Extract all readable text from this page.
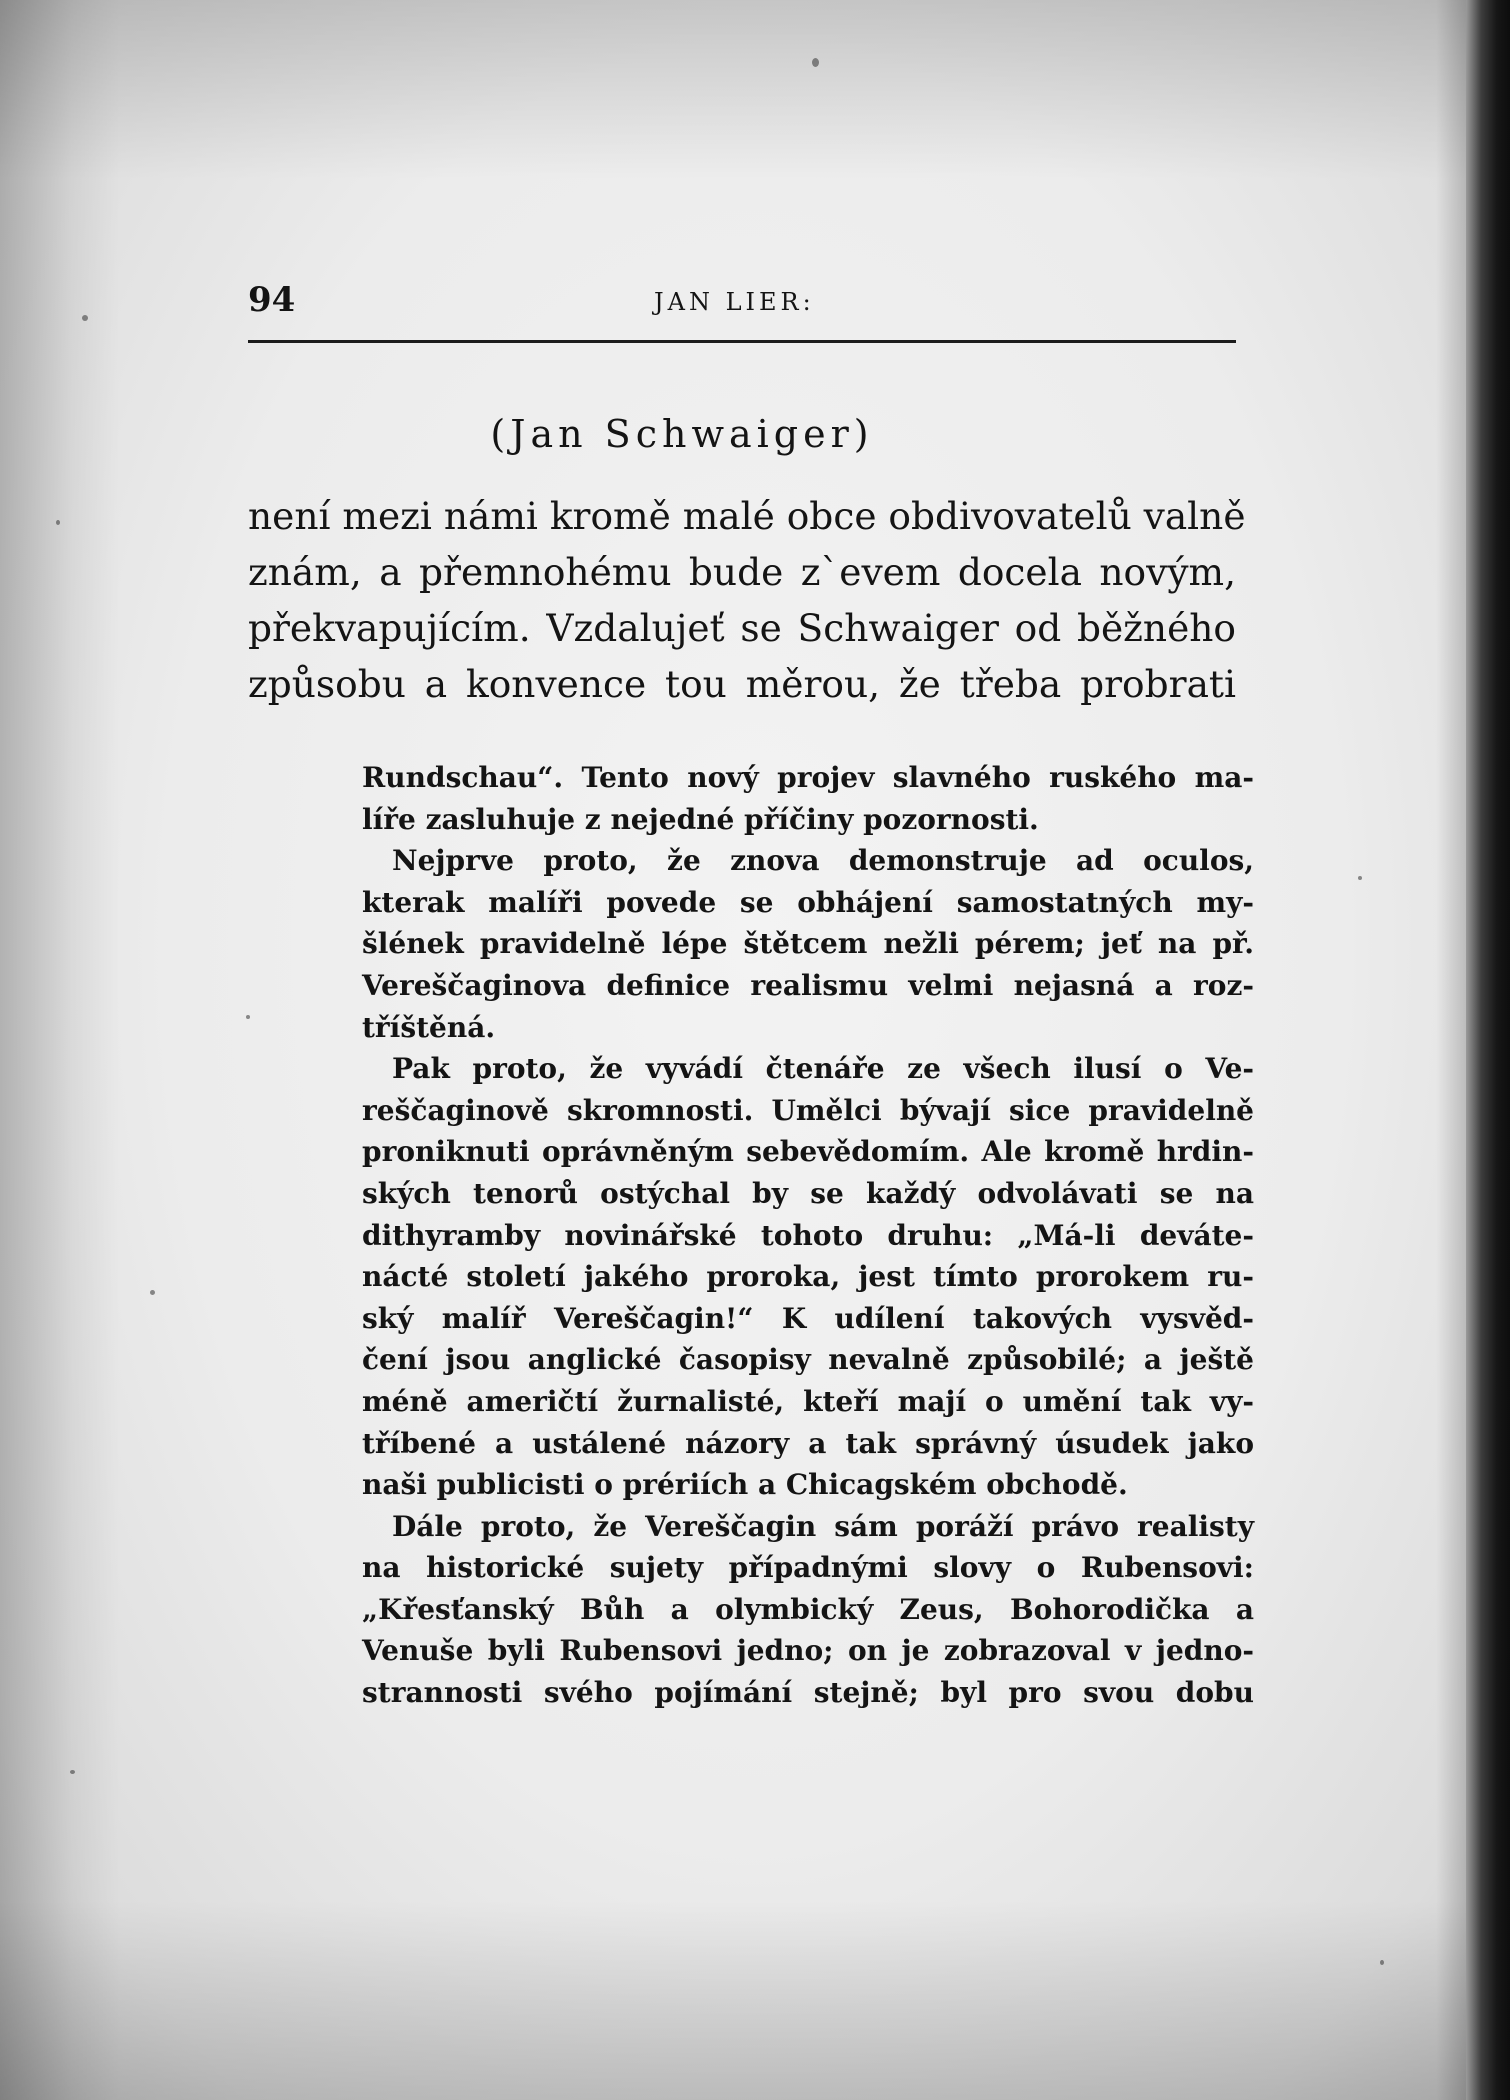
94	JAN LIER:
(Jan Schwaiger)
není mezi námi kromě malé obce obdivovatelů valně
znám, a přemnohému bude z`evem docela novým,
překvapujícím. Vzdalujeť se Schwaiger od běžného
způsobu a konvence tou měrou, že třeba probrati
Rundschau“. Tento nový projev slavného ruského ma-
líře zasluhuje z nejedné příčiny pozornosti.
Nejprve proto, že znova demonstruje ad oculos,
kterak malíři povede se obhájení samostatných my-
šlének pravidelně lépe štětcem nežli pérem; jeť na př.
Vereščaginova definice realismu velmi nejasná a roz-
tříštěná.
Pak proto, že vyvádí čtenáře ze všech ilusí o Ve-
reščaginově skromnosti. Umělci bývají sice pravidelně
proniknuti oprávněným sebevědomím. Ale kromě hrdin-
ských tenorů ostýchal by se každý odvolávati se na
dithyramby novinářské tohoto druhu: „Má-li deváte-
nácté století jakého proroka, jest tímto prorokem ru-
ský malíř Vereščagin!“ K udílení takových vysvěd-
čení jsou anglické časopisy nevalně způsobilé; a ještě
méně američtí žurnalisté, kteří mají o umění tak vy-
tříbené a ustálené názory a tak správný úsudek jako
naši publicisti o prériích a Chicagském obchodě.
Dále proto, že Vereščagin sám poráží právo realisty
na historické sujety případnými slovy o Rubensovi:
„Křesťanský Bůh a olymbický Zeus, Bohorodička a
Venuše byli Rubensovi jedno; on je zobrazoval v jedno-
strannosti svého pojímání stejně; byl pro svou dobu
